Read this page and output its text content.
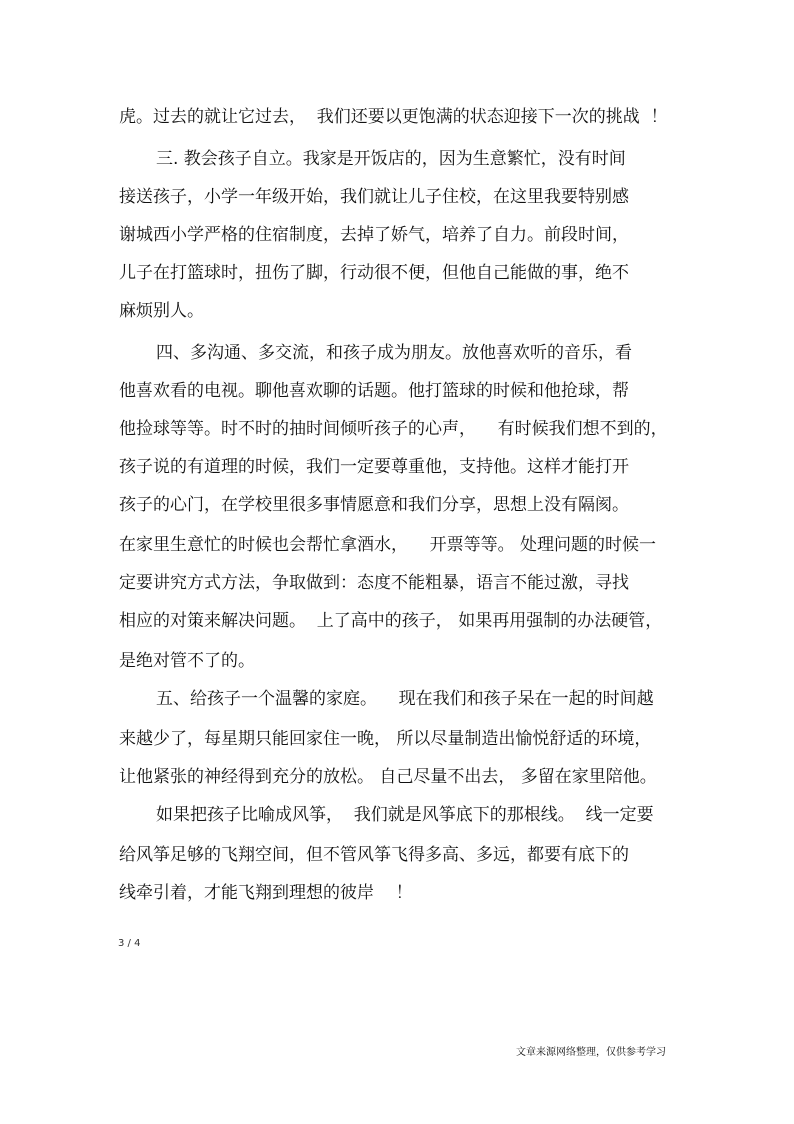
虎。过去的就让它过去，  我们还要以更饱满的状态迎接下一次的挑战  ！
三. 教会孩子自立。我家是开饭店的，因为生意繁忙，没有时间
接送孩子，小学一年级开始，我们就让儿子住校，在这里我要特别感
谢城西小学严格的住宿制度，去掉了娇气，培养了自力。前段时间，
儿子在打篮球时，扭伤了脚，行动很不便，但他自己能做的事，绝不
麻烦别人。
四、多沟通、多交流，和孩子成为朋友。放他喜欢听的音乐，看
他喜欢看的电视。聊他喜欢聊的话题。他打篮球的时候和他抢球，帮
他捡球等等。时不时的抽时间倾听孩子的心声，    有时候我们想不到的，
孩子说的有道理的时候，我们一定要尊重他，支持他。这样才能打开
孩子的心门，在学校里很多事情愿意和我们分享，思想上没有隔阂。
在家里生意忙的时候也会帮忙拿酒水，    开票等等。 处理问题的时候一
定要讲究方式方法，争取做到：态度不能粗暴，语言不能过激，寻找
相应的对策来解决问题。  上了高中的孩子， 如果再用强制的办法硬管，
是绝对管不了的。
五、给孩子一个温馨的家庭。    现在我们和孩子呆在一起的时间越
来越少了，每星期只能回家住一晚， 所以尽量制造出愉悦舒适的环境，
让他紧张的神经得到充分的放松。 自己尽量不出去， 多留在家里陪他。
如果把孩子比喻成风筝，  我们就是风筝底下的那根线。  线一定要
给风筝足够的飞翔空间，但不管风筝飞得多高、多远，都要有底下的
线牵引着，才能飞翔到理想的彼岸    ！
3 / 4
文章来源网络整理，仅供参考学习
